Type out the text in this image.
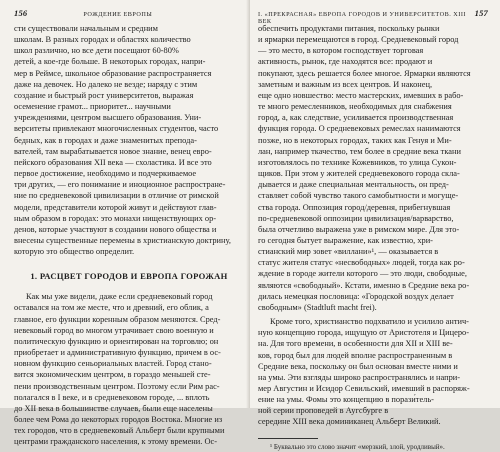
156	РОЖДЕНИЕ ЕВРОПЫ
сти существовали начальным и средним
школам. В разных городах и областях количество
школ различно, но все дети посещают 60-80%
детей, а кое-где больше. В некоторых городах, напри-
мер в Реймсе, школьное образование распространяется
даже на девочек. Но далеко не везде; наряду с этим
создание и быстрый рост университетов, выражая
осеменение грамот... приоритет... научными
учреждениями, центром высшего образования. Уни-
верситеты привлекают многочисленных студентов, часто
бедных, как в городах и даже знаменитых препода-
вателей, там вырабатывается новое знание, венец евро-
пейского образования XII века — схоластика. И все это
первое достижение, необходимо и подчеркиваемое
три других, — его понимание и иноционное распростране-
ние по средневековой цивилизации в отличие от римской
модели, представители которой живут и действуют глав-
ным образом в городах: это монахи нищенствующих ор-
денов, которые участвуют в создании нового общества и
внесены существенные перемены в христианскую доктрину,
которую это общество определит.
1. РАСЦВЕТ ГОРОДОВ И ЕВРОПА ГОРОЖАН
Как мы уже видели, даже если средневековый город
оставался на том же месте, что и древний, его облик, а
главное, его функции коренным образом меняются. Сред-
невековый город во многом утрачивает свою военную и
политическую функцию и ориентирован на торговлю; он
приобретает и административную функцию, причем в ос-
новном функцию сеньориальных властей. Город стано-
вится экономическим центром, в гораздо меньшей сте-
пени производственным центром. Поэтому если Рим рас-
полагался в I веке, и в средневековом городе, ... вплоть
до XII века в большинстве случаев, были еще населены
более чем Рома до некоторых городов Востока. Многие из
тех городов, что в средневековый Альберт были крупными
центрами гражданского населения, к этому времени. Ос-
I. «ПРЕКРАСНАЯ» ЕВРОПА ГОРОДОВ И УНИВЕРСИТЕТОВ. XIII ВЕК
157
обеспечить продуктами питания, поскольку рынки
и ярмарки перемещаются в город. Средневековый город
— это место, в котором господствует торговая
активность, рынок, где находятся все: продают и
покупают, здесь решается более многое. Ярмарки являются
заметным и важным из всех центров. И наконец,
еще одно новшество: место мастерских, имевших в рабо-
те много ремесленников, необходимых для снабжения
город, а, как следствие, усиливается производственная
функция города. О средневековых ремеслах нанимаются
позже, но в некоторых городах, таких как Генуя и Ми-
лан, например ткачество, тем более в средние века ткани
изготовлялось по технике Кожевников, то улица Сукон-
щиков. При этом у жителей средневекового города скла-
дывается и даже специальная ментальность, он пред-
ставляет собой чувство такого самобытности и могуще-
ства города. Оппозиция город/деревня, прибегнувшая
по-средневековой оппозиции цивилизация/варварство,
была отчетливо выражена уже в римском мире. Для это-
го сегодня бытует выражение, как известно, хри-
стианский мир зовет «виллани»¹, — оказывается в
статус жителя статус «несвободных» людей, тогда как ро-
ждение в городе жители которого — это люди, свободные,
являются «свободный». Кстати, именно в Средние века ро-
дилась немецкая пословица: «Городской воздух делает
свободным» (Stadtluft macht frei).
Кроме того, христианство подхватило и усилило антич-
ную концепцию города, ищущую от Аристотеля и Цицеро-
на. Для того времени, в особенности для XII и XIII ве-
ков, город был для людей вполне распространенным в
Средние века, поскольку он был основан вместе ними и
на умы. Эти взгляды широко распространялись и напри-
мер Августин и Исидор Севильский, имевший в распоряж-
ение на умы. Фомы это концепцию в порази́тель-
ной серии проповедей в Аугсбурге в
середине XIII века доминиканец Альберт Великий.
¹ Буквально это слово значит «мерзкий, злой, уродливый».
